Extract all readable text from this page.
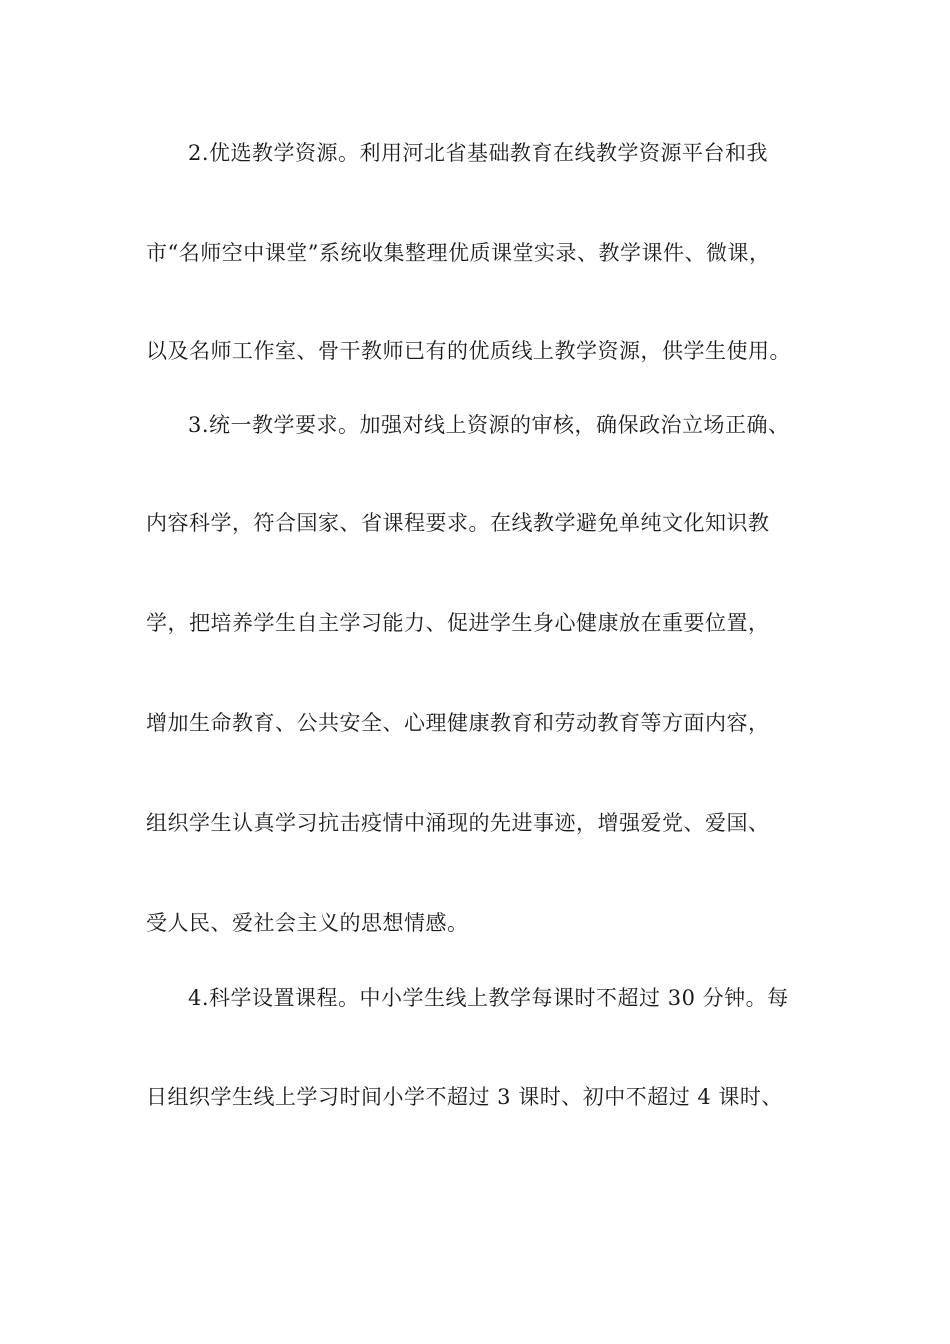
2.优选教学资源。利用河北省基础教育在线教学资源平台和我
市“名师空中课堂”系统收集整理优质课堂实录、教学课件、微课，
以及名师工作室、骨干教师已有的优质线上教学资源，供学生使用。
3.统一教学要求。加强对线上资源的审核，确保政治立场正确、
内容科学，符合国家、省课程要求。在线教学避免单纯文化知识教
学，把培养学生自主学习能力、促进学生身心健康放在重要位置，
增加生命教育、公共安全、心理健康教育和劳动教育等方面内容，
组织学生认真学习抗击疫情中涌现的先进事迹，增强爱党、爱国、
受人民、爱社会主义的思想情感。
4.科学设置课程。中小学生线上教学每课时不超过 30 分钟。每
日组织学生线上学习时间小学不超过 3 课时、初中不超过 4 课时、
